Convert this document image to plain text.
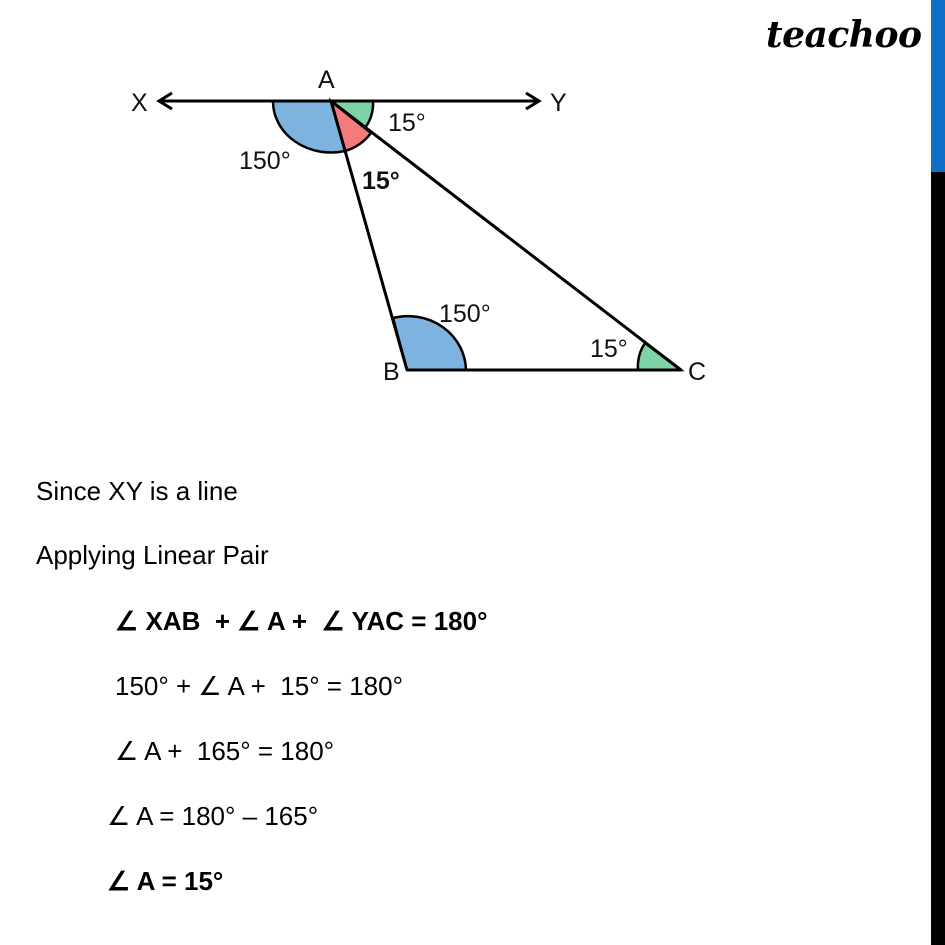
teachoo
X	Y
A
B	C
150°
15°
15°
150°
15°
Since XY is a line
Applying Linear Pair
∠ XAB  + ∠ A +  ∠ YAC = 180°
150° + ∠ A +  15° = 180°
∠ A +  165° = 180°
∠ A = 180° – 165°
∠ A = 15°
